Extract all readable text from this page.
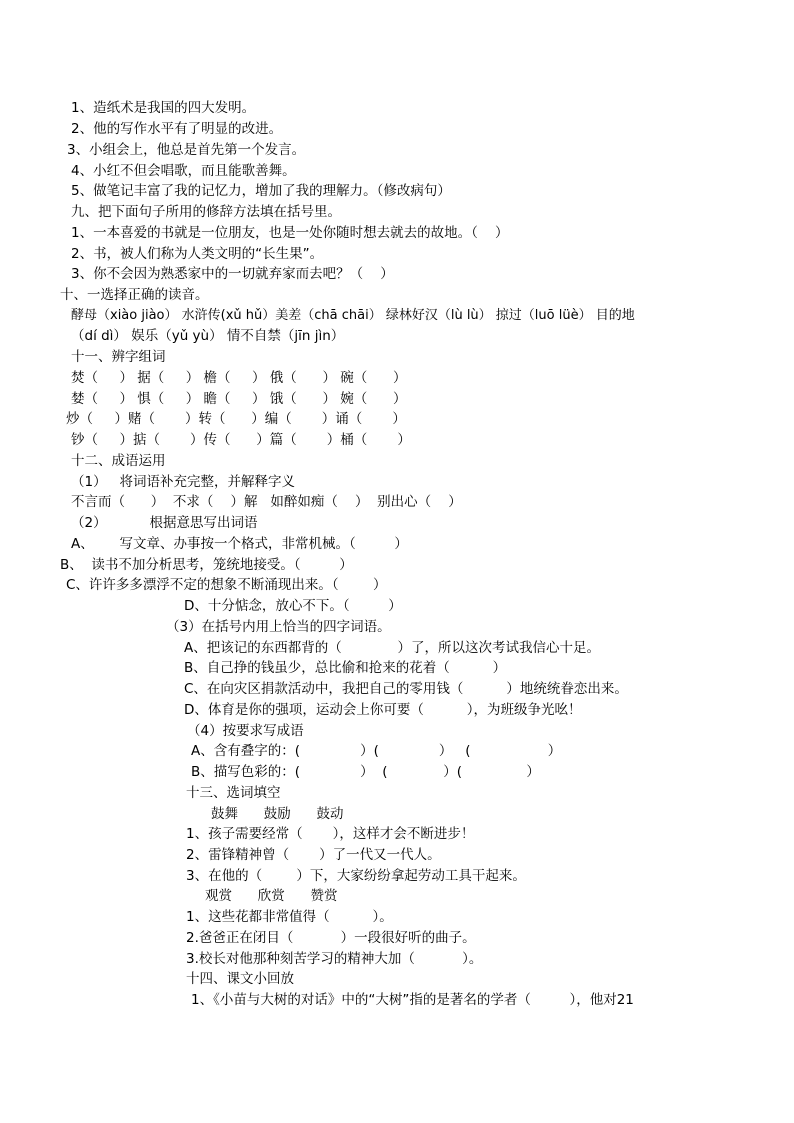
1、造纸术是我国的四大发明。
2、他的写作水平有了明显的改进。
3、小组会上，他总是首先第一个发言。
4、小红不但会唱歌，而且能歌善舞。
5、做笔记丰富了我的记忆力，增加了我的理解力。（修改病句）
九、把下面句子所用的修辞方法填在括号里。
1、一本喜爱的书就是一位朋友，也是一处你随时想去就去的故地。（    ）
2、书，被人们称为人类文明的“长生果”。
3、你不会因为熟悉家中的一切就弃家而去吧？（    ）
十、一选择正确的读音。
酵母（xiào jiào） 水浒传(xǔ hǔ）美差（chā chāi） 绿林好汉（lù lù） 掠过（luō lüè） 目的地
（dí dì） 娱乐（yǔ yù） 情不自禁（jīn jìn）
十一、辨字组词
焚（     ） 据（     ） 檐（     ） 俄（      ） 碗（      ）
婪（     ） 惧（     ） 瞻（     ） 饿（      ） 婉（      ）
炒（     ）赌（       ）转（      ）编（       ）诵（       ）
钞（     ）掂（       ）传（      ）篇（       ）桶（       ）
十二、成语运用
（1）   将词语补充完整，并解释字义
不言而（      ）  不求（    ）解   如醉如痴（    ）  别出心（    ）
（2）          根据意思写出词语
A、      写文章、办事按一个格式，非常机械。（         ）
B、  读书不加分析思考，笼统地接受。（         ）
C、许许多多漂浮不定的想象不断涌现出来。（        ）
D、十分惦念，放心不下。（         ）
（3）在括号内用上恰当的四字词语。
A、把该记的东西都背的（             ）了，所以这次考试我信心十足。
B、自己挣的钱虽少，总比偷和抢来的花着（          ）
C、在向灾区捐款活动中，我把自己的零用钱（          ）地统统眷恋出来。
D、体育是你的强项，运动会上你可要（          ），为班级争光吆！
（4）按要求写成语
A、含有叠字的：(              ）(              ）   (                  ）
B、描写色彩的：(              ）  (             ）(               ）
十三、选词填空
鼓舞      鼓励      鼓动
1、孩子需要经常（       ），这样才会不断进步！
2、雷锋精神曾（       ）了一代又一代人。
3、在他的（        ）下，大家纷纷拿起劳动工具干起来。
观赏      欣赏      赞赏
1、这些花都非常值得（          ）。
2.爸爸正在闭目（           ）一段很好听的曲子。
3.校长对他那种刻苦学习的精神大加（           ）。
十四、课文小回放
1、《小苗与大树的对话》中的“大树”指的是著名的学者（         ），他对21
